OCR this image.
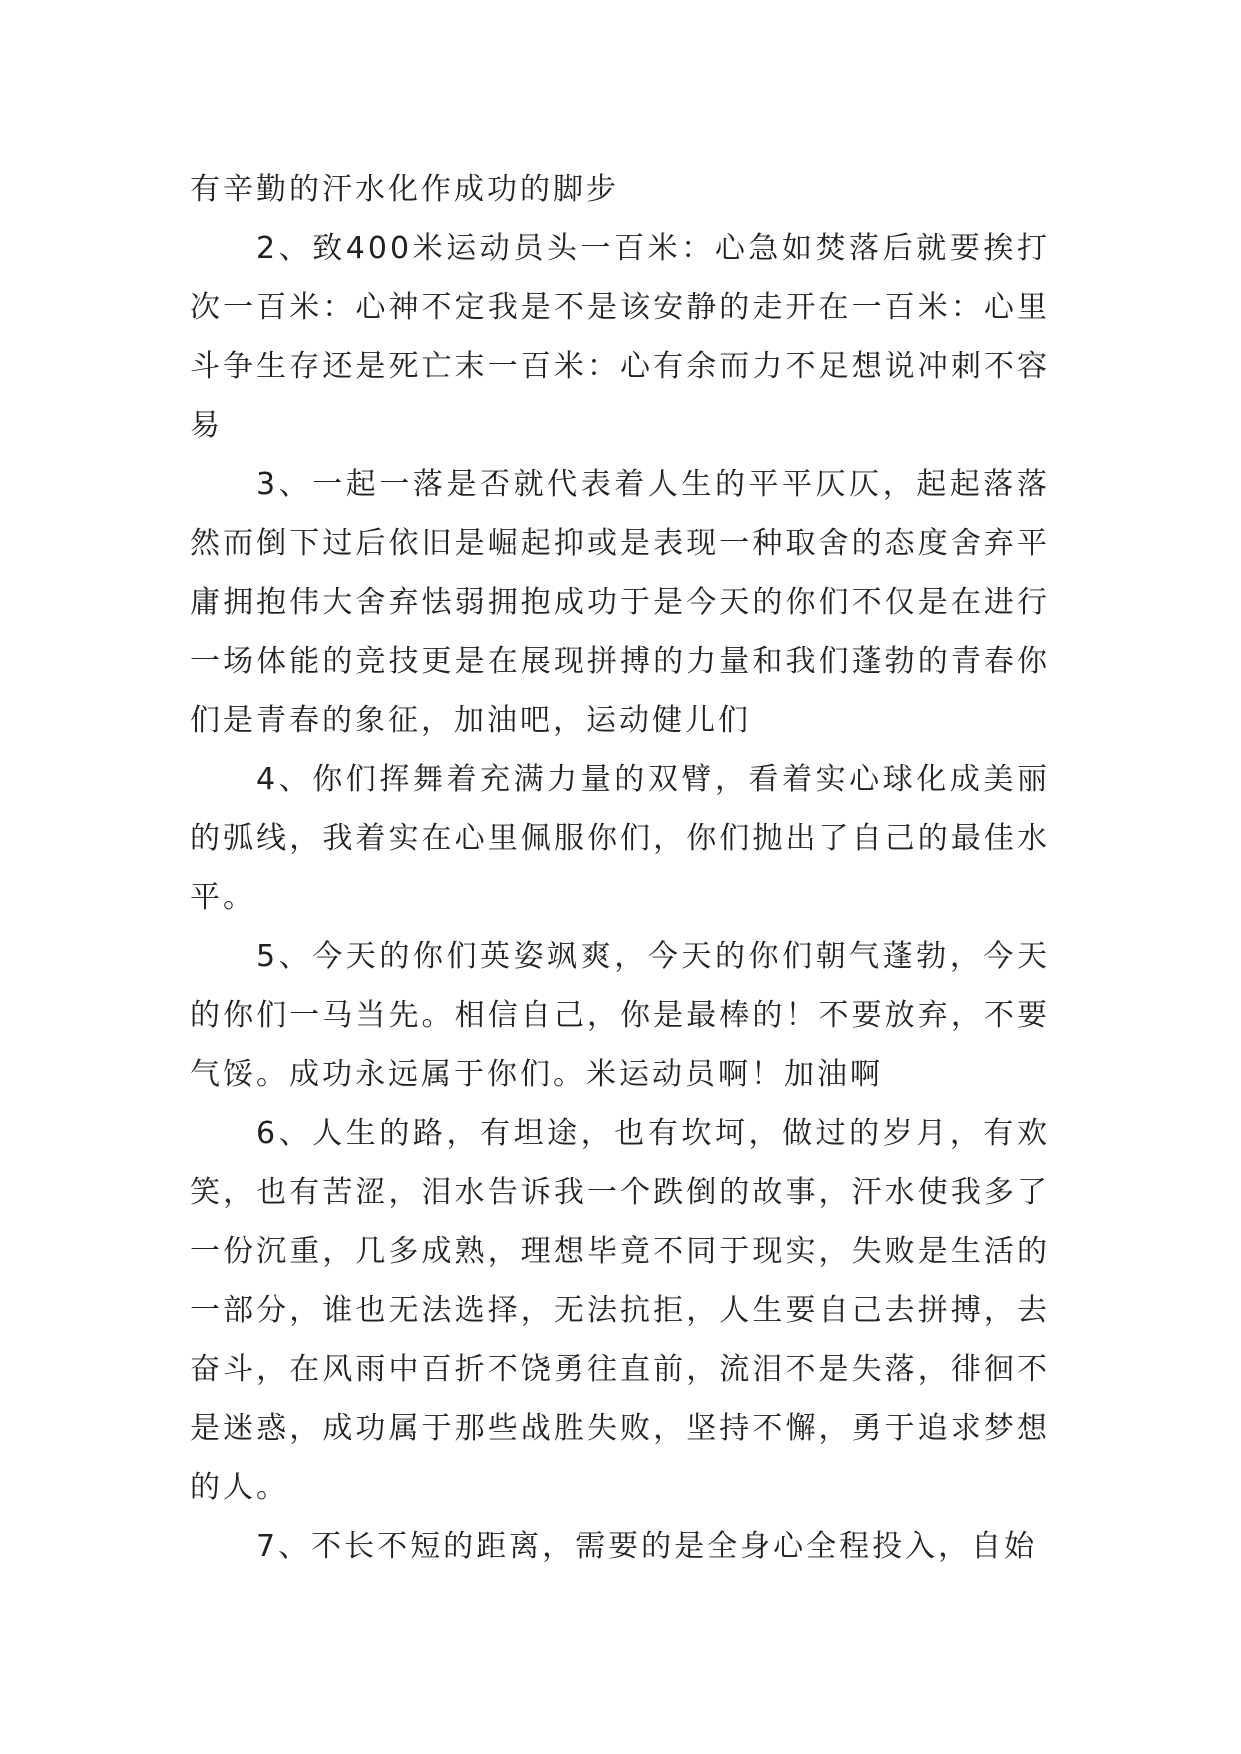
有辛勤的汗水化作成功的脚步

2、致400米运动员头一百米：心急如焚落后就要挨打次一百米：心神不定我是不是该安静的走开在一百米：心里斗争生存还是死亡末一百米：心有余而力不足想说冲刺不容易

3、一起一落是否就代表着人生的平平仄仄，起起落落然而倒下过后依旧是崛起抑或是表现一种取舍的态度舍弃平庸拥抱伟大舍弃怯弱拥抱成功于是今天的你们不仅是在进行一场体能的竞技更是在展现拼搏的力量和我们蓬勃的青春你们是青春的象征，加油吧，运动健儿们

4、你们挥舞着充满力量的双臂，看着实心球化成美丽的弧线，我着实在心里佩服你们，你们抛出了自己的最佳水平。

5、今天的你们英姿飒爽，今天的你们朝气蓬勃，今天的你们一马当先。相信自己，你是最棒的！不要放弃，不要气馁。成功永远属于你们。米运动员啊！加油啊

6、人生的路，有坦途，也有坎坷，做过的岁月，有欢笑，也有苦涩，泪水告诉我一个跌倒的故事，汗水使我多了一份沉重，几多成熟，理想毕竟不同于现实，失败是生活的一部分，谁也无法选择，无法抗拒，人生要自己去拼搏，去奋斗，在风雨中百折不饶勇往直前，流泪不是失落，徘徊不是迷惑，成功属于那些战胜失败，坚持不懈，勇于追求梦想的人。

7、不长不短的距离，需要的是全身心全程投入，自始
